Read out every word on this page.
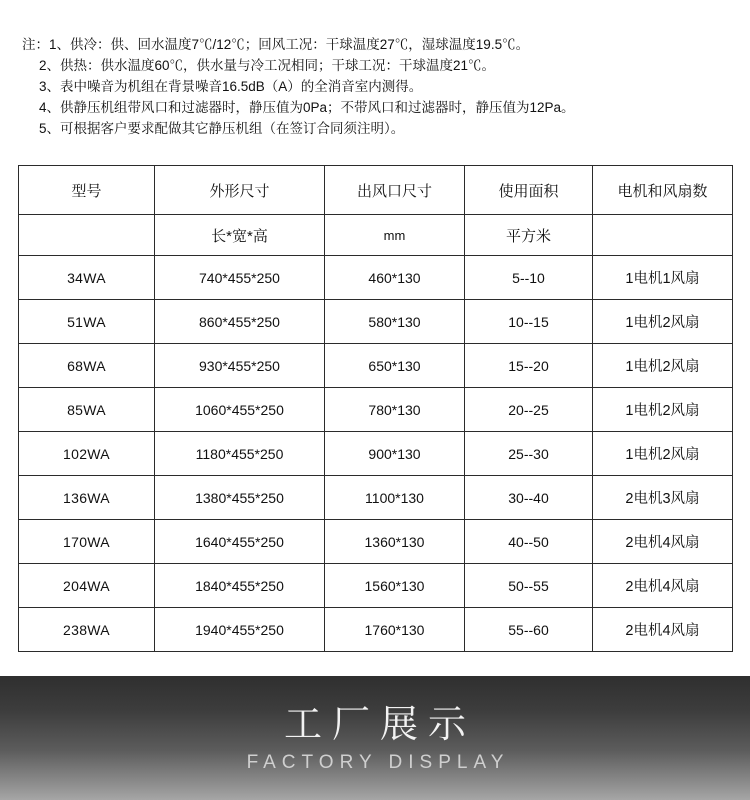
注：1、供冷：供、回水温度7℃/12℃；回风工况：干球温度27℃，湿球温度19.5℃。
2、供热：供水温度60℃，供水量与冷工况相同；干球工况：干球温度21℃。
3、表中噪音为机组在背景噪音16.5dB（A）的全消音室内测得。
4、供静压机组带风口和过滤器时，静压值为0Pa；不带风口和过滤器时，静压值为12Pa。
5、可根据客户要求配做其它静压机组（在签订合同须注明）。
型号	外形尺寸	出风口尺寸	使用面积	电机和风扇数
	长*宽*高	mm	平方米	
34WA	740*455*250	460*130	5--10	1电机1风扇
51WA	860*455*250	580*130	10--15	1电机2风扇
68WA	930*455*250	650*130	15--20	1电机2风扇
85WA	1060*455*250	780*130	20--25	1电机2风扇
102WA	1180*455*250	900*130	25--30	1电机2风扇
136WA	1380*455*250	1100*130	30--40	2电机3风扇
170WA	1640*455*250	1360*130	40--50	2电机4风扇
204WA	1840*455*250	1560*130	50--55	2电机4风扇
238WA	1940*455*250	1760*130	55--60	2电机4风扇
工厂展示
FACTORY DISPLAY
